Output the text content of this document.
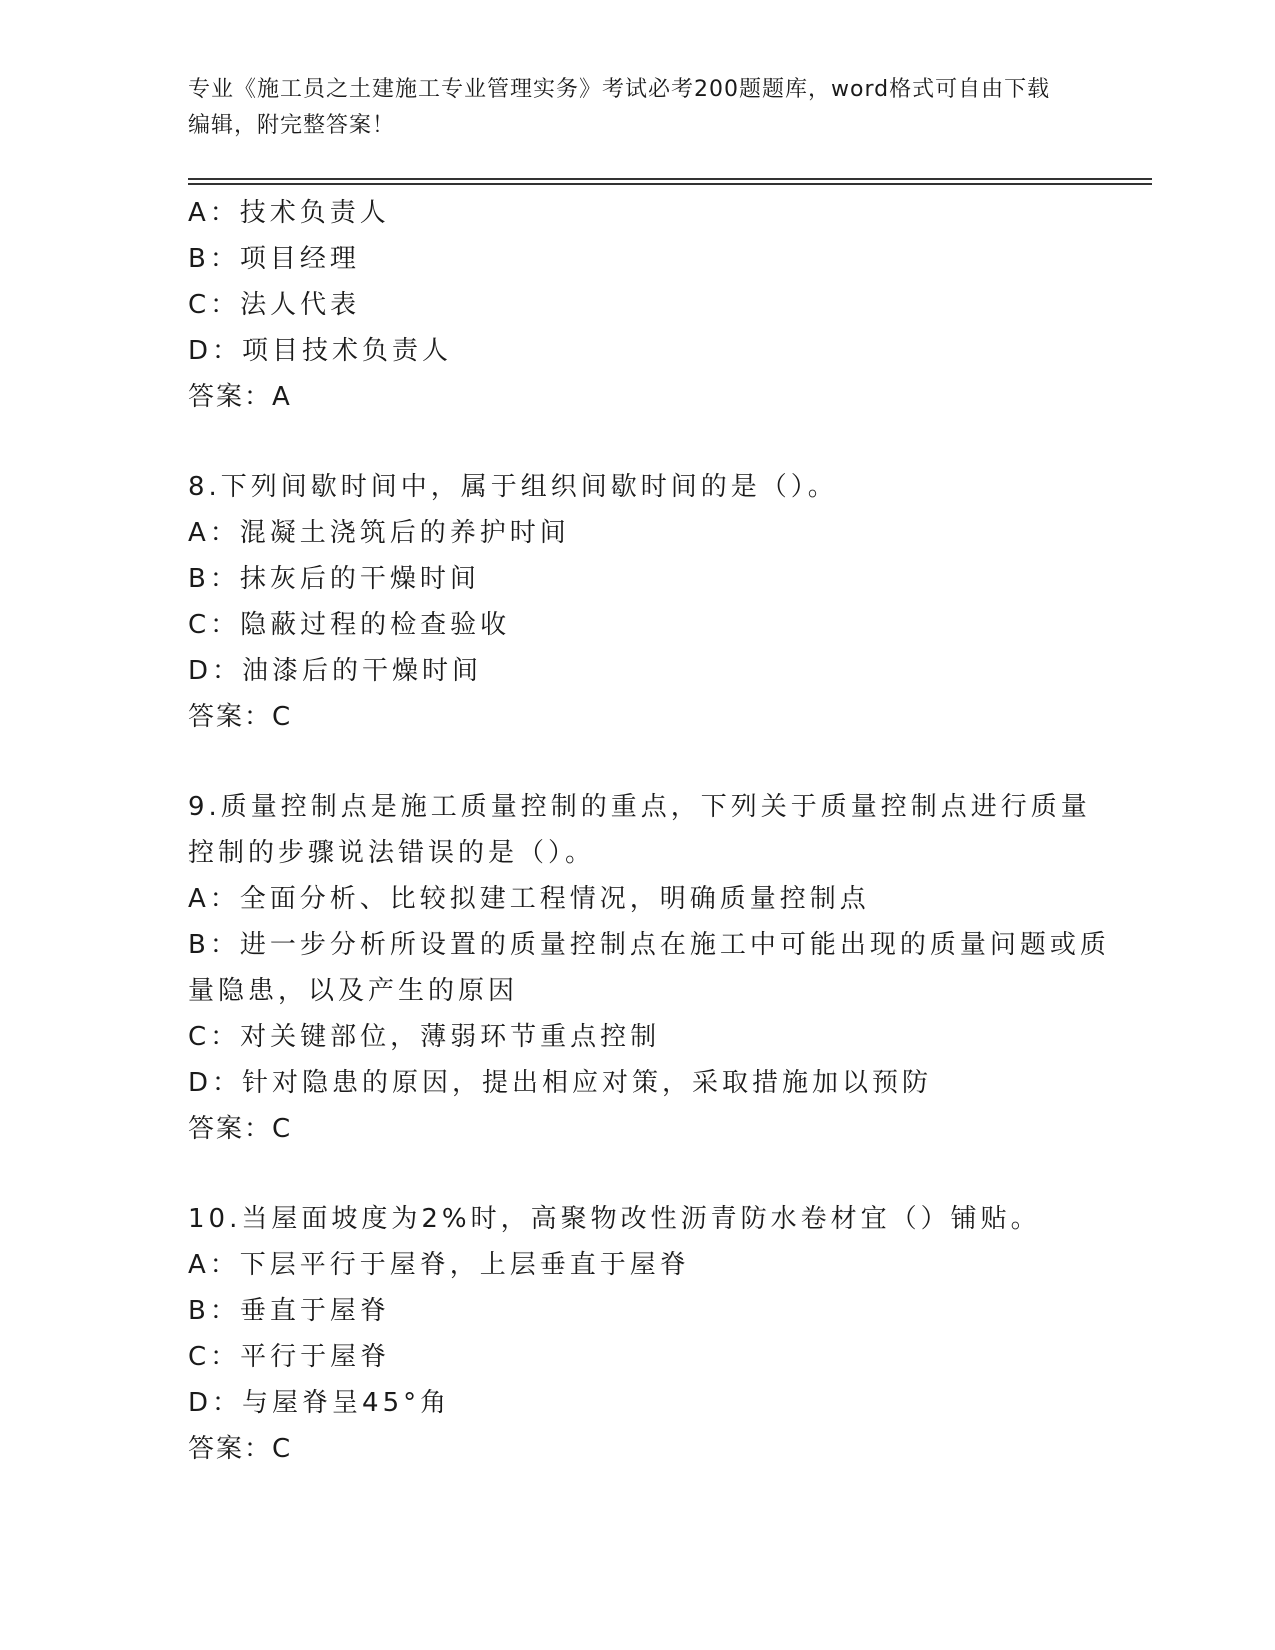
专业《施工员之土建施工专业管理实务》考试必考200题题库，word格式可自由下载编辑，附完整答案！
A：技术负责人
B：项目经理
C：法人代表
D：项目技术负责人
答案：A
8.下列间歇时间中，属于组织间歇时间的是（）。
A：混凝土浇筑后的养护时间
B：抹灰后的干燥时间
C：隐蔽过程的检查验收
D：油漆后的干燥时间
答案：C
9.质量控制点是施工质量控制的重点，下列关于质量控制点进行质量
控制的步骤说法错误的是（）。
A：全面分析、比较拟建工程情况，明确质量控制点
B：进一步分析所设置的质量控制点在施工中可能出现的质量问题或质
量隐患，以及产生的原因
C：对关键部位，薄弱环节重点控制
D：针对隐患的原因，提出相应对策，采取措施加以预防
答案：C
10.当屋面坡度为2%时，高聚物改性沥青防水卷材宜（）铺贴。
A：下层平行于屋脊，上层垂直于屋脊
B：垂直于屋脊
C：平行于屋脊
D：与屋脊呈45°角
答案：C
